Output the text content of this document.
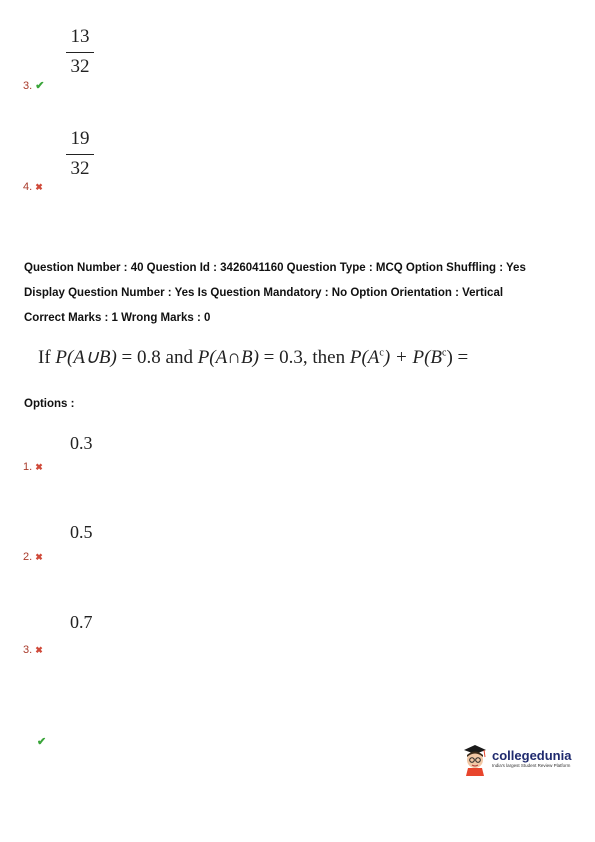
13
32
3. ✔
19
32
4. ✖
Question Number : 40 Question Id : 3426041160 Question Type : MCQ Option Shuffling : Yes
Display Question Number : Yes Is Question Mandatory : No Option Orientation : Vertical
Correct Marks : 1 Wrong Marks : 0
If P(A∪B) = 0.8 and P(A∩B) = 0.3, then $P(A^c) + P(B^c)$ =
Options :
0.3
1. ✖
0.5
2. ✖
0.7
3. ✖
✔
collegedunia
India's largest Student Review Platform
